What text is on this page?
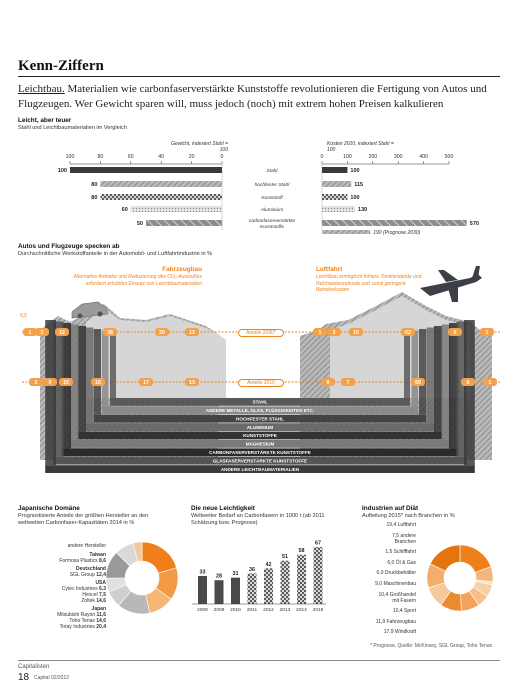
Kenn-Ziffern
Leichtbau. Materialien wie carbonfaserverstärkte Kunststoffe revolutionieren die Fertigung von Autos und Flugzeugen. Wer Gewicht sparen will, muss jedoch (noch) mit extrem hohen Preisen kalkulieren
Leicht, aber teuer
Stahl und Leichtbaumaterialien im Vergleich
Gewicht, indexiert Stahl = 100
Kosten 2010, indexiert Stahl = 100
100	80	60	40	20	0	0	100	200	300	400	500
100	100
Stahl
80	115
hochfester Stahl
80	100
Kunststoff
60	130
Aluminium
50	570
carbonfaserverstärkte
Kunststoffe
190 (Prognose 2030)
Autos und Flugzeuge specken ab
Durchschnittliche Werkstoffanteile in der Automobil- und Luftfahrtindustrie in %
Fahrzeugbau
Alternative Antriebe und Reduzierung des CO₂-Ausstoßes erfordern erhöhten Einsatz von Leichtbaumaterialien
Luftfahrt
Leichtbau ermöglicht höhere Tankbestände und Reichweitenrekorde und somit geringere Betriebskosten
0,5
STAHL
ANDERE METALLE, GLAS, FLÜSSIGKEITEN ETC.
HOCHFESTER STAHL
ALUMINIUM
KUNSTSTOFFE
MAGNESIUM
CARBONFASERVERSTÄRKTE KUNSTSTOFFE
GLASFASERVERSTÄRKTE KUNSTSTOFFE
ANDERE LEICHTBAUMATERIALIEN
1 1	12	38	20	13	1 3	10	62	6	1
3 9 15	16	17	13	9	7	69	8	1
Anteile 2030*
Anteile 2010
Japanische Domäne
Prognostizierte Anteile der größten Hersteller an den weltweiten Carbonfaser-Kapazitäten 2014 in %
andere Hersteller
Taiwan
Formosa Plastics 8,6
Deutschland
SGL Group 12,4
USA
Cytec Industries 6,3
Hexcel 7,5
Zoltek 14,6
Japan
Mitsubishi Rayon 11,6
Toho Tenax 14,6
Toray Industries 20,4
Die neue Leichtigkeit
Weltweiter Bedarf an Carbonfasern in 1000 t (ab 2011 Schätzung bzw. Prognose)
33
2008
28
2009
31
2010
36
2011
42
2012
51
2013
58
2014
67
2015
Industrien auf Diät
Aufteilung 2015* nach Branchen in %
19,4 Luftfahrt
7,5 andere Branchen
1,5 Schifffahrt
6,0 Öl & Gas
6,0 Druckbehälter
9,0 Maschinenbau
10,4 Großhandel mit Fasern
10,4 Sport
11,9 Fahrzeugbau
17,9 Windkraft
* Prognose, Quelle: McKinsey, SGL Group, Toho Tenax
Capitalisten
18 Capital 02/2012
